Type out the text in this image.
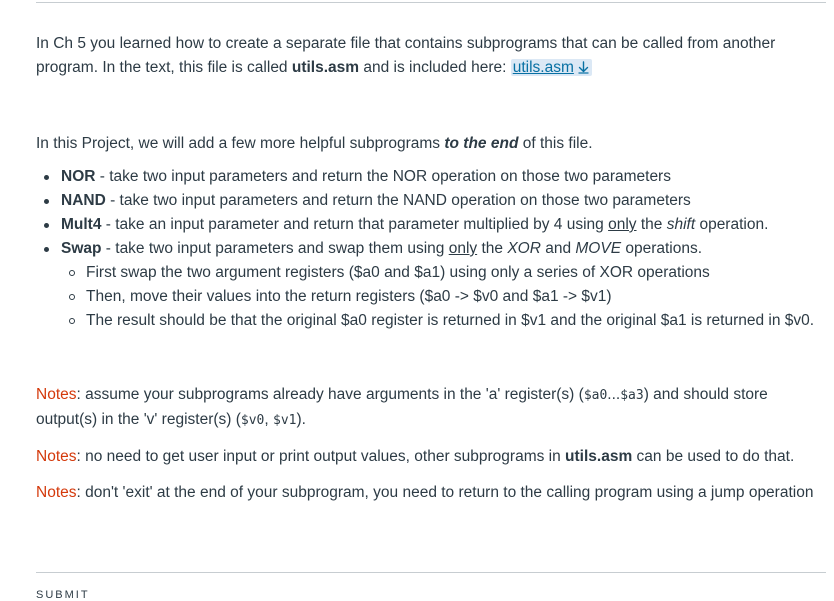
In Ch 5 you learned how to create a separate file that contains subprograms that can be called from another program. In the text, this file is called utils.asm and is included here: utils.asm

In this Project, we will add a few more helpful subprograms to the end of this file.

NOR - take two input parameters and return the NOR operation on those two parameters
NAND - take two input parameters and return the NAND operation on those two parameters
Mult4 - take an input parameter and return that parameter multiplied by 4 using only the shift operation.
Swap - take two input parameters and swap them using only the XOR and MOVE operations.
First swap the two argument registers ($a0 and $a1) using only a series of XOR operations
Then, move their values into the return registers ($a0 -> $v0 and $a1 -> $v1)
The result should be that the original $a0 register is returned in $v1 and the original $a1 is returned in $v0.

Notes: assume your subprograms already have arguments in the 'a' register(s) ($a0...$a3) and should store output(s) in the 'v' register(s) ($v0, $v1).

Notes: no need to get user input or print output values, other subprograms in utils.asm can be used to do that.

Notes: don't 'exit' at the end of your subprogram, you need to return to the calling program using a jump operation

SUBMIT
